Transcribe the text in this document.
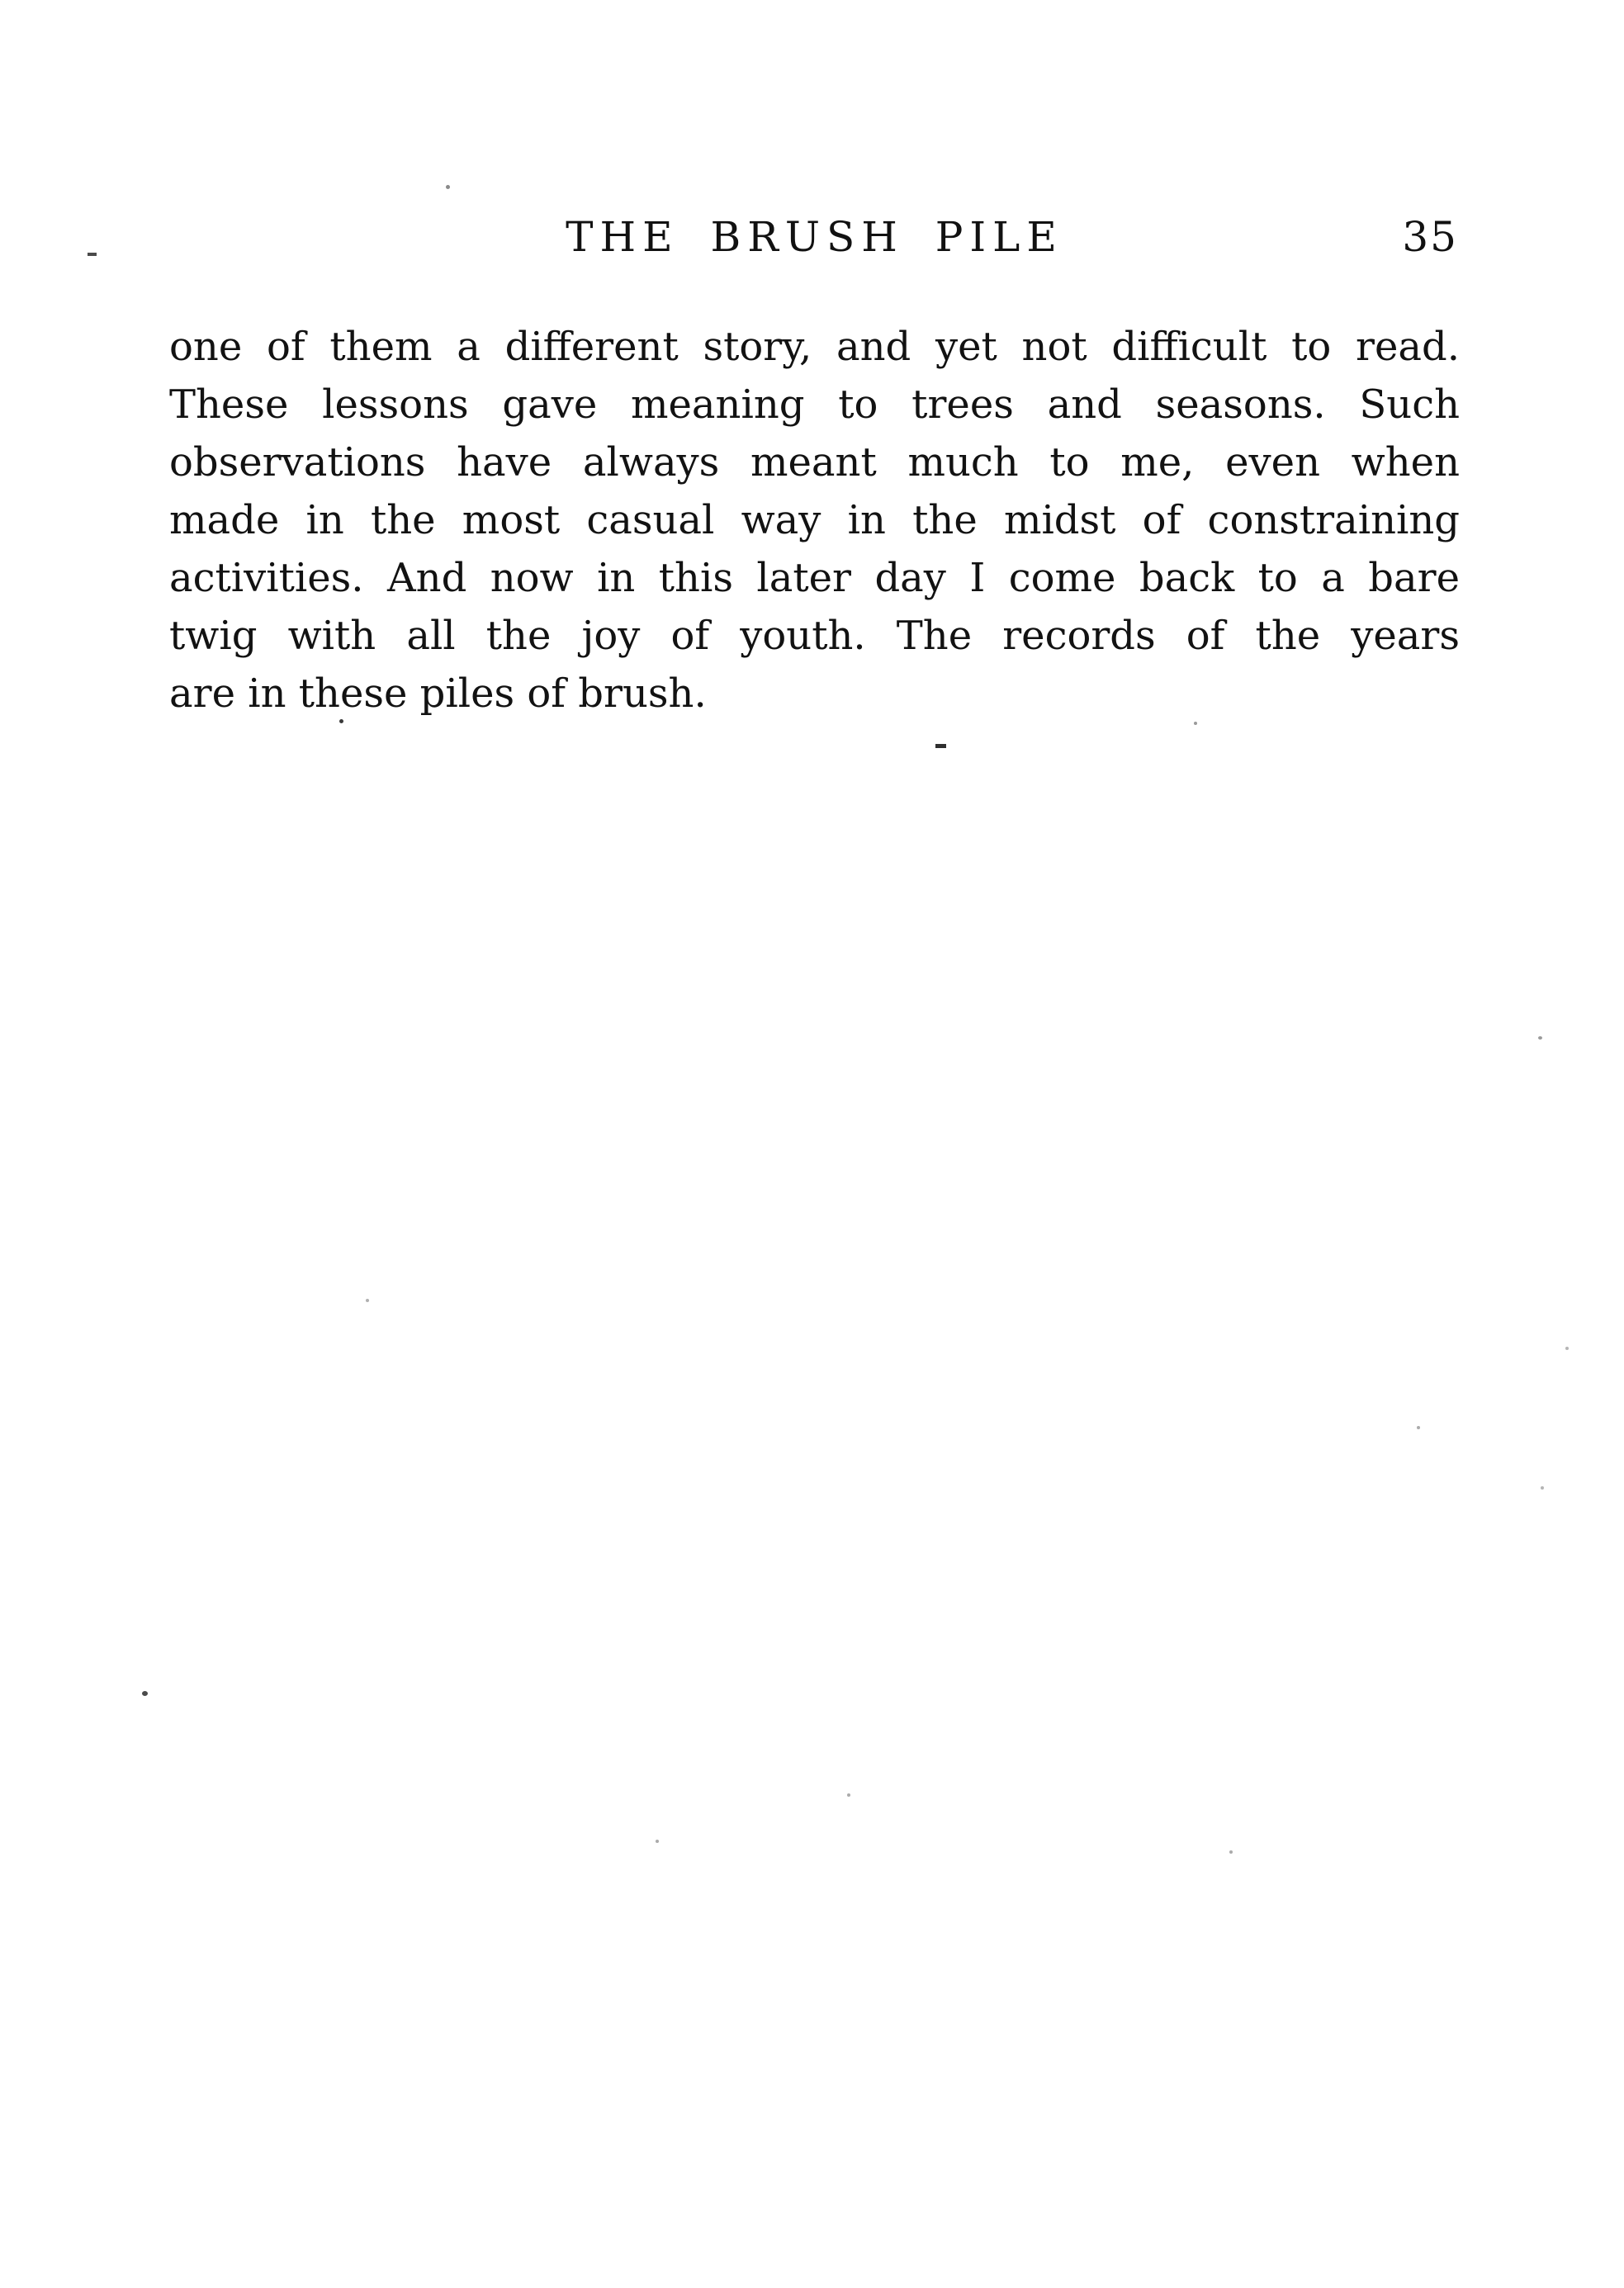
THE BRUSH PILE	35
one of them a different story, and yet not difficult to read.
These lessons gave meaning to trees and seasons. Such
observations have always meant much to me, even when
made in the most casual way in the midst of constraining
activities. And now in this later day I come back to a bare
twig with all the joy of youth. The records of the years
are in these piles of brush.
